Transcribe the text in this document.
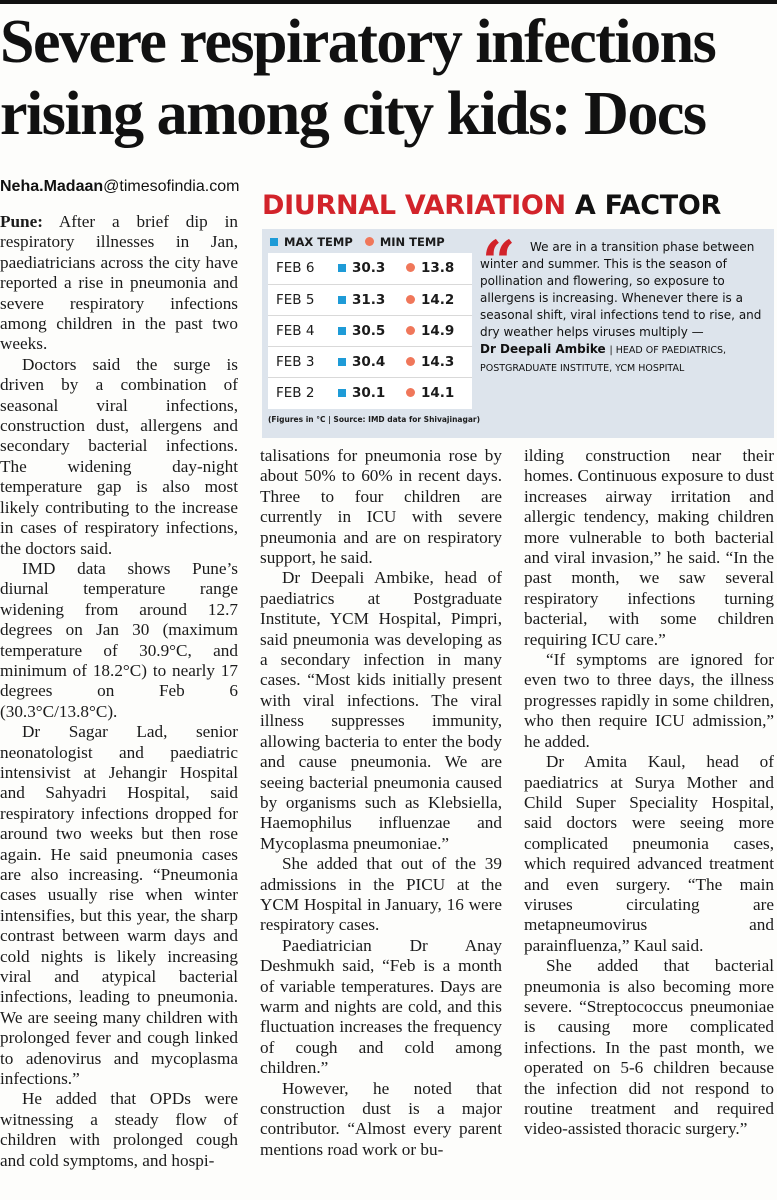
Severe respiratory infections rising among city kids: Docs
Neha.Madaan@timesofindia.com
DIURNAL VARIATION A FACTOR
MAX TEMP MIN TEMP
FEB 6	30.3	13.8
FEB 5	31.3	14.2
FEB 4	30.5	14.9
FEB 3	30.4	14.3
FEB 2	30.1	14.1
(Figures in °C | Source: IMD data for Shivajinagar)
“	We are in a transition phase between winter and summer. This is the season of pollination and flowering, so exposure to allergens is increasing. Whenever there is a seasonal shift, viral infections tend to rise, and dry weather helps viruses multiply —
Dr Deepali Ambike | HEAD OF PAEDIATRICS, POSTGRADUATE INSTITUTE, YCM HOSPITAL

Pune: After a brief dip in respiratory illnesses in Jan, paediatricians across the city have reported a rise in pneumonia and severe respiratory infections among children in the past two weeks.

Doctors said the surge is driven by a combination of seasonal viral infections, construction dust, allergens and secondary bacterial infections. The widening day-night temperature gap is also most likely contributing to the increase in cases of respiratory infections, the doctors said.

IMD data shows Pune’s diurnal temperature range widening from around 12.7 degrees on Jan 30 (maximum temperature of 30.9°C, and minimum of 18.2°C) to nearly 17 degrees on Feb 6 (30.3°C/13.8°C).

Dr Sagar Lad, senior neonatologist and paediatric intensivist at Jehangir Hospital and Sahyadri Hospital, said respiratory infections dropped for around two weeks but then rose again. He said pneumonia cases are also increasing. “Pneumonia cases usually rise when winter intensifies, but this year, the sharp contrast between warm days and cold nights is likely increasing viral and atypical bacterial infections, leading to pneumonia. We are seeing many children with prolonged fever and cough linked to adenovirus and mycoplasma infections.”

He added that OPDs were witnessing a steady flow of children with prolonged cough and cold symptoms, and hospi-

talisations for pneumonia rose by about 50% to 60% in recent days. Three to four children are currently in ICU with severe pneumonia and are on respiratory support, he said.

Dr Deepali Ambike, head of paediatrics at Postgraduate Institute, YCM Hospital, Pimpri, said pneumonia was developing as a secondary infection in many cases. “Most kids initially present with viral infections. The viral illness suppresses immunity, allowing bacteria to enter the body and cause pneumonia. We are seeing bacterial pneumonia caused by organisms such as Klebsiella, Haemophilus influenzae and Mycoplasma pneumoniae.”

She added that out of the 39 admissions in the PICU at the YCM Hospital in January, 16 were respiratory cases.

Paediatrician Dr Anay Deshmukh said, “Feb is a month of variable temperatures. Days are warm and nights are cold, and this fluctuation increases the frequency of cough and cold among children.”

However, he noted that construction dust is a major contributor. “Almost every parent mentions road work or bu-

ilding construction near their homes. Continuous exposure to dust increases airway irritation and allergic tendency, making children more vulnerable to both bacterial and viral invasion,” he said. “In the past month, we saw several respiratory infections turning bacterial, with some children requiring ICU care.”

“If symptoms are ignored for even two to three days, the illness progresses rapidly in some children, who then require ICU admission,” he added.

Dr Amita Kaul, head of paediatrics at Surya Mother and Child Super Speciality Hospital, said doctors were seeing more complicated pneumonia cases, which required advanced treatment and even surgery. “The main viruses circulating are metapneumovirus and parainfluenza,” Kaul said.

She added that bacterial pneumonia is also becoming more severe. “Streptococcus pneumoniae is causing more complicated infections. In the past month, we operated on 5-6 children because the infection did not respond to routine treatment and required video-assisted thoracic surgery.”
